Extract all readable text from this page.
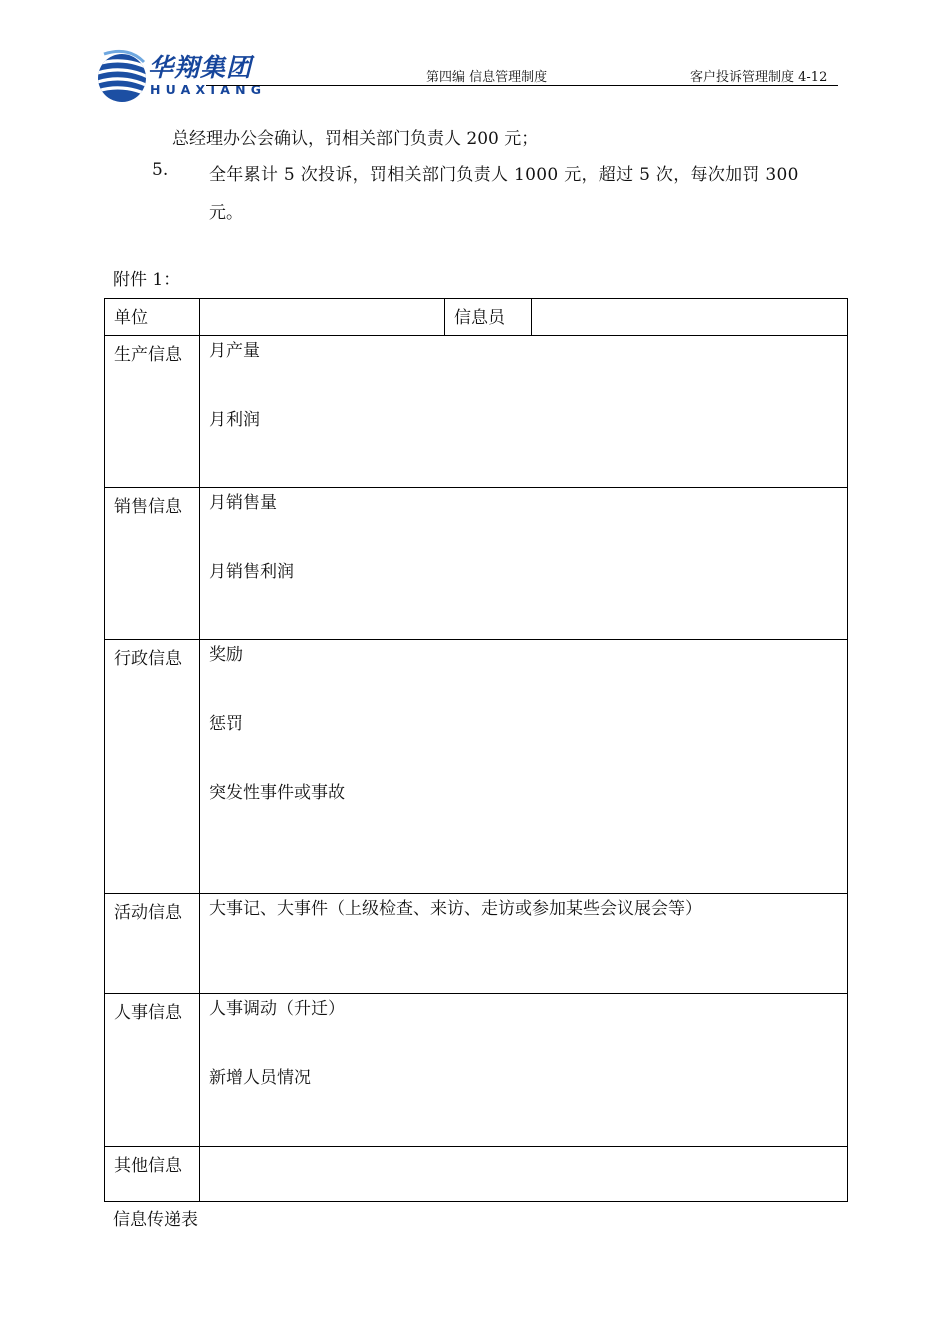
华翔集团
HUAXIANG
第四编 信息管理制度	客户投诉管理制度 4-12
总经理办公会确认，罚相关部门负责人 200 元；
5. 全年累计 5 次投诉，罚相关部门负责人 1000 元，超过 5 次，每次加罚 300
元。
附件 1：
单位		信息员	
生产信息	月产量
月利润		

销售信息	月销售量
月销售利润		

行政信息	奖励
惩罚
突发性事件或事故		

活动信息	大事记、大事件（上级检查、来访、走访或参加某些会议展会等）		

人事信息	人事调动（升迁）
新增人员情况		

其他信息			
信息传递表
